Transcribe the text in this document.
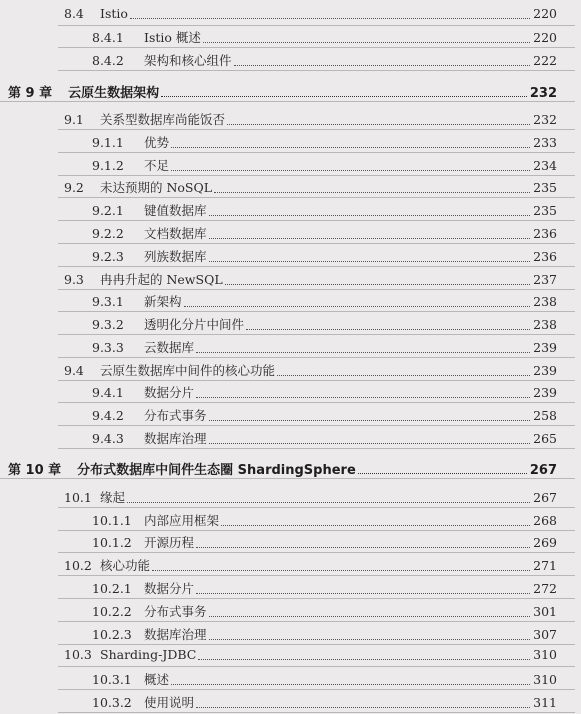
8.4	Istio	220
8.4.1	Istio 概述	220
8.4.2	架构和核心组件	222
第 9 章 云原生数据架构	232
9.1	关系型数据库尚能饭否	232
9.1.1	优势	233
9.1.2	不足	234
9.2	未达预期的 NoSQL	235
9.2.1	键值数据库	235
9.2.2	文档数据库	236
9.2.3	列族数据库	236
9.3	冉冉升起的 NewSQL	237
9.3.1	新架构	238
9.3.2	透明化分片中间件	238
9.3.3	云数据库	239
9.4	云原生数据库中间件的核心功能	239
9.4.1	数据分片	239
9.4.2	分布式事务	258
9.4.3	数据库治理	265
第 10 章 分布式数据库中间件生态圈 ShardingSphere	267
10.1 缘起	267
10.1.1 内部应用框架	268
10.1.2 开源历程	269
10.2 核心功能	271
10.2.1 数据分片	272
10.2.2 分布式事务	301
10.2.3 数据库治理	307
10.3 Sharding-JDBC	310
10.3.1 概述	310
10.3.2 使用说明	311
